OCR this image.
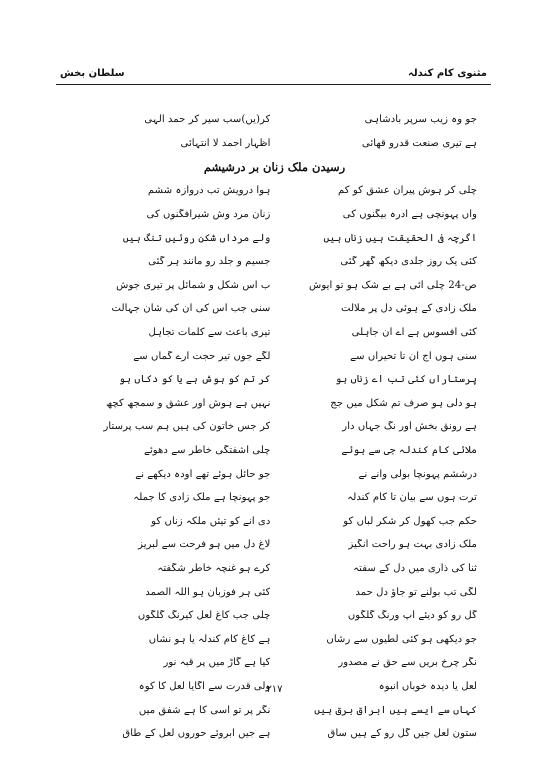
سلطان بخش	مثنوی کام کندلہ
جو وہ زیب سرپر بادشاہی
کر(یں)سب سیر کر حمد الٰہی
ہے تیری صنعت قدرو قھائی
اظہار احمد لا انتہائی
رسیدن ملک زنان بر درشیشم
چلی کر ہوش پیران عشق کو کم
ہوا درویش تب دروازہ ششم
واں پہونچی ہے ادرہ بیگنوں کی
زنان مرد وش شیرافگنوں کی
اگرچہ فی الحقیقت ہیں زناں ہیں
ولے مرداں شکن روئیں تنگ ہیں
کئی یک روز جلدی دیکھ گھر گئی
جسیم و جلد رو مانند ہر گئی
ص-24 چلی آئی ہے بے شک ہو تو ایوش
ب اس شکل و شمائل پر تیری جوش
ملک زادی کے ہوئی دل پر ملالت
سنی جب اس کی ان کی شان جہالت
کئی افسوس ہے اے ان جاہلی
تیری باعث سے کلمات تجاہل
سنی ہوں آج ان تا تحیراں سے
لگے جوں تیر حجت آرے گماں سے
پرستاراں کئی تب اے زناں ہو
کر تم کو ہوش ہے یا کو دکاں ہو
ہو دلی ہو صرف تم شکل میں جج
نہیں ہے ہوش اور عشق و سمجھ کچھ
ہے رونق بخش اور نگ جہاں دار
کر جس خاتون کی ہیں ہم سب پرستار
ملائی کام کندلہ جی سے ہوئے
چلی آشفتگی خاطر سے دھوئے
درششم پہونچا بولی وانے نے
جو حائل ہوئے تھے اودہ دیکھے نے
ترت ہوں سے بیان تا کام کندلہ
جو پہونچا ہے ملک زادی کا جملہ
حکم جب کھول کر شکر لباں کو
دی آنے کو تیئں ملکہ زناں کو
ملک زادی بہت ہو راحت انگیز
لاغ دل میں ہو فرحت سے لبریز
ثنا کی ذاری میں دل کے سفتہ
کرے ہو غنچہ خاطر شگفتہ
لگی تب بولنے تو جاؤ دل حمد
کئی ہر فوزبان ہو اللہ الصمد
گل رو کو دیئے آپ ورنگ گلگوں
چلی جب کاغ لعل کیرنگ گلگوں
جو دیکھی ہو کئی لطیوں سے رشاں
ہے کاغ کام کندلہ یا ہو نشاں
نگر چرخ بریں سے حق نے مصدور
کیا ہے گاڑ میں پر قبہ نور
لعل یا دیدہ خوباں انبوہ
ولی قدرت سے اگایا لعل کا کوہ
کہاں سے ایسے ہیں ابراق برق ہیں
نگر پر تو اسی کا ہے شفق میں
ستون لعل جیں گل رو کے ہیں ساق
ہے جیں ابروئے حوروں لعل کے طاق
۲۱۷
